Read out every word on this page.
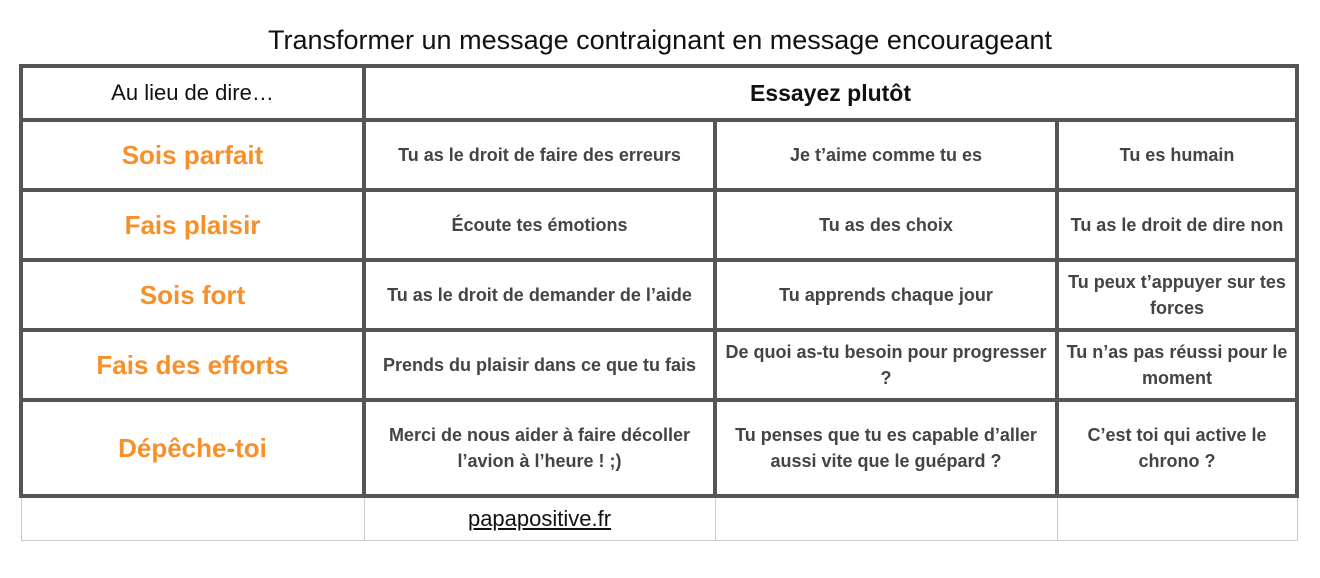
Transformer un message contraignant en message encourageant
Au lieu de dire…	Essayez plutôt		
Sois parfait	Tu as le droit de faire des erreurs	Je t’aime comme tu es	Tu es humain
Fais plaisir	Écoute tes émotions	Tu as des choix	Tu as le droit de dire non
Sois fort	Tu as le droit de demander de l’aide	Tu apprends chaque jour	Tu peux t’appuyer sur tes forces
Fais des efforts	Prends du plaisir dans ce que tu fais	De quoi as-tu besoin pour progresser ?	Tu n’as pas réussi pour le moment
Dépêche-toi	Merci de nous aider à faire décoller l’avion à l’heure ! ;)	Tu penses que tu es capable d’aller aussi vite que le guépard ?	C’est toi qui active le chrono ?
	papapositive.fr		
